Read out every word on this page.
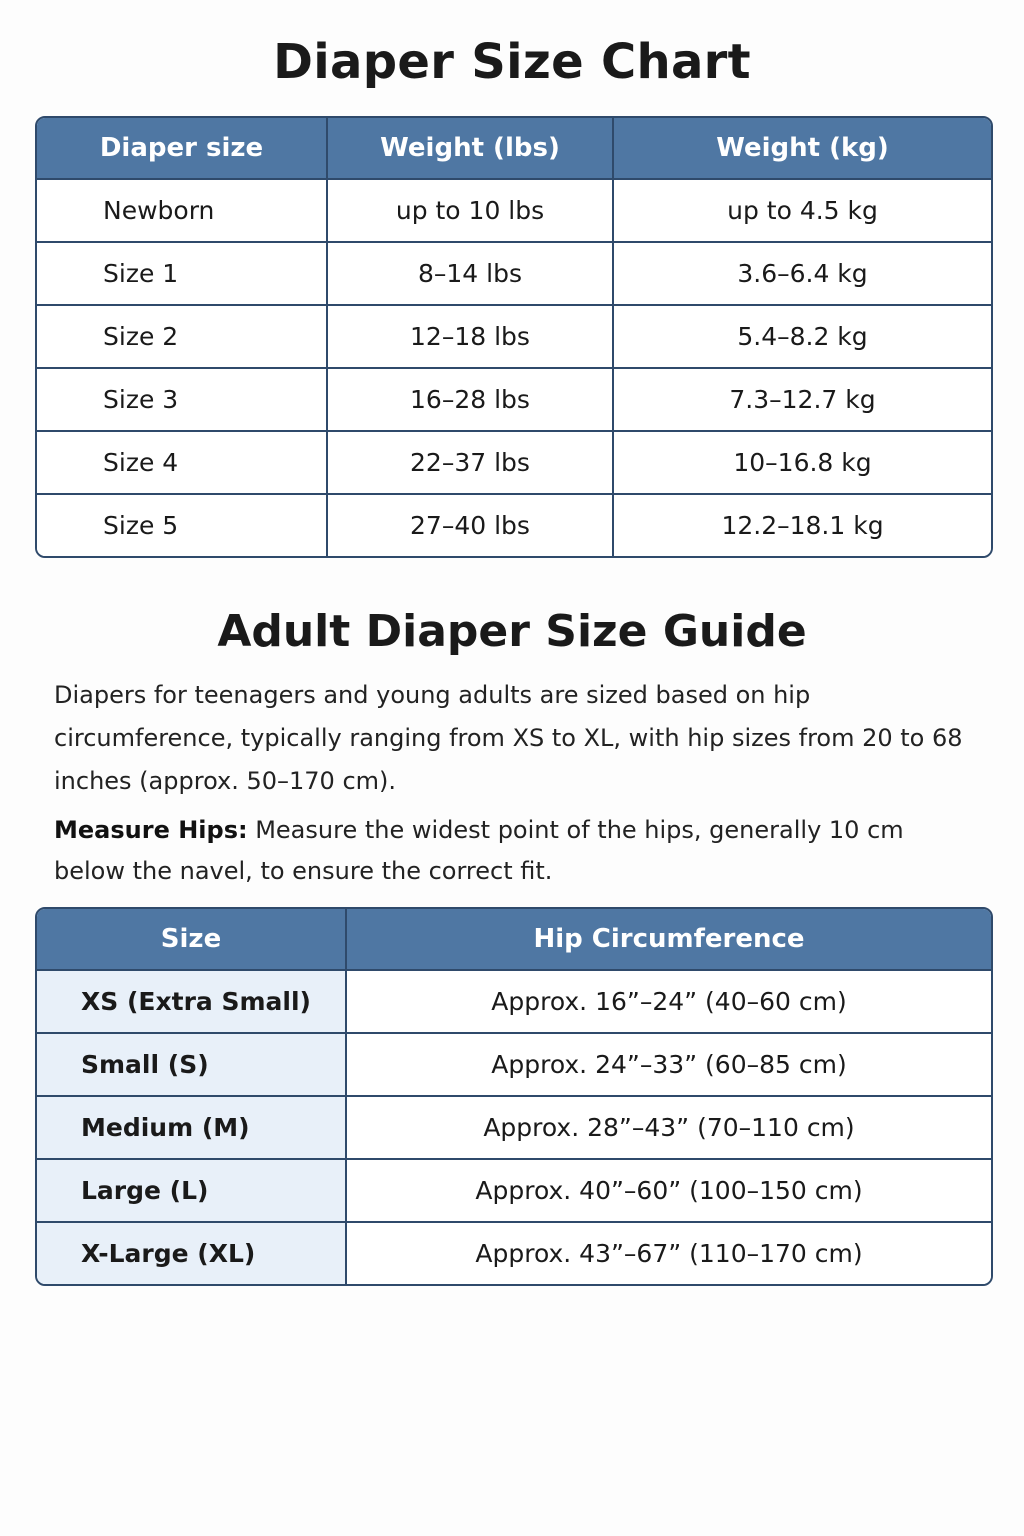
Diaper Size Chart
Diaper size	Weight (lbs)	Weight (kg)
Newborn	up to 10 lbs	up to 4.5 kg
Size 1	8–14 lbs	3.6–6.4 kg
Size 2	12–18 lbs	5.4–8.2 kg
Size 3	16–28 lbs	7.3–12.7 kg
Size 4	22–37 lbs	10–16.8 kg
Size 5	27–40 lbs	12.2–18.1 kg
Adult Diaper Size Guide

Diapers for teenagers and young adults are sized based on hip circumference, typically ranging from XS to XL, with hip sizes from 20 to 68 inches (approx. 50–170 cm).

Measure Hips: Measure the widest point of the hips, generally 10 cm below the navel, to ensure the correct fit.

Size	Hip Circumference
XS (Extra Small)	Approx. 16”–24” (40–60 cm)
Small (S)	Approx. 24”–33” (60–85 cm)
Medium (M)	Approx. 28”–43” (70–110 cm)
Large (L)	Approx. 40”–60” (100–150 cm)
X-Large (XL)	Approx. 43”–67” (110–170 cm)
